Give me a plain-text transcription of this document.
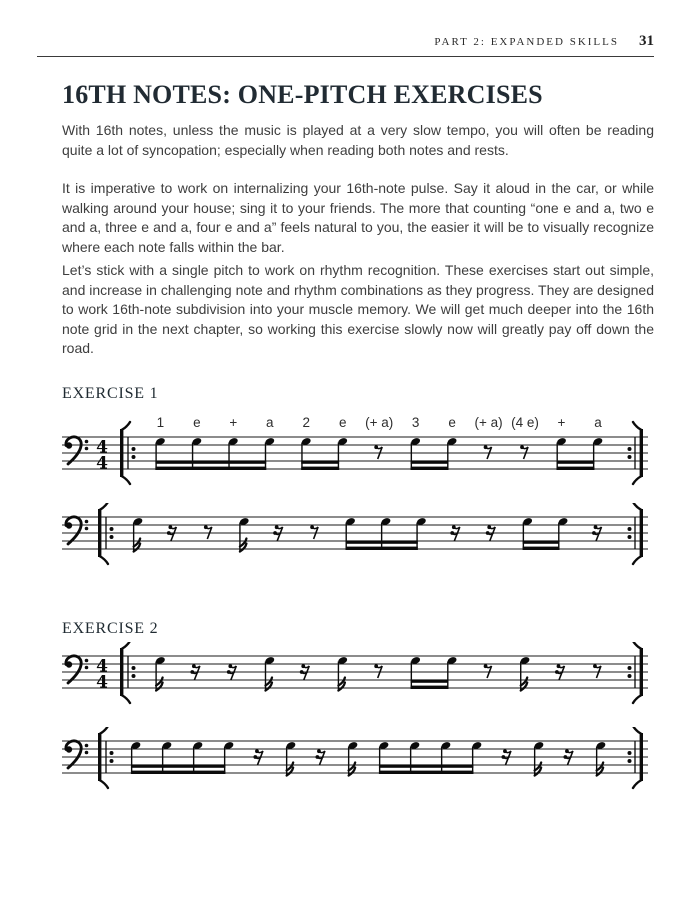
PART 2: EXPANDED SKILLS 31
16TH NOTES: ONE-PITCH EXERCISES

With 16th notes, unless the music is played at a very slow tempo, you will often be reading quite a lot of syncopation; especially when reading both notes and rests.

It is imperative to work on internalizing your 16th-note pulse. Say it aloud in the car, or while walking around your house; sing it to your friends. The more that counting “one e and a, two e and a, three e and a, four e and a” feels natural to you, the easier it will be to visually recognize where each note falls within the bar.

Let’s stick with a single pitch to work on rhythm recognition. These exercises start out simple, and increase in challenging note and rhythm combinations as they progress. They are designed to work 16th-note subdivision into your muscle memory. We will get much deeper into the 16th note grid in the next chapter, so working this exercise slowly now will greatly pay off down the road.

EXERCISE 1
4
4
1 e + a 2 e (+ a) 3 e (+ a) (4 e) + a
EXERCISE 2
4
4
